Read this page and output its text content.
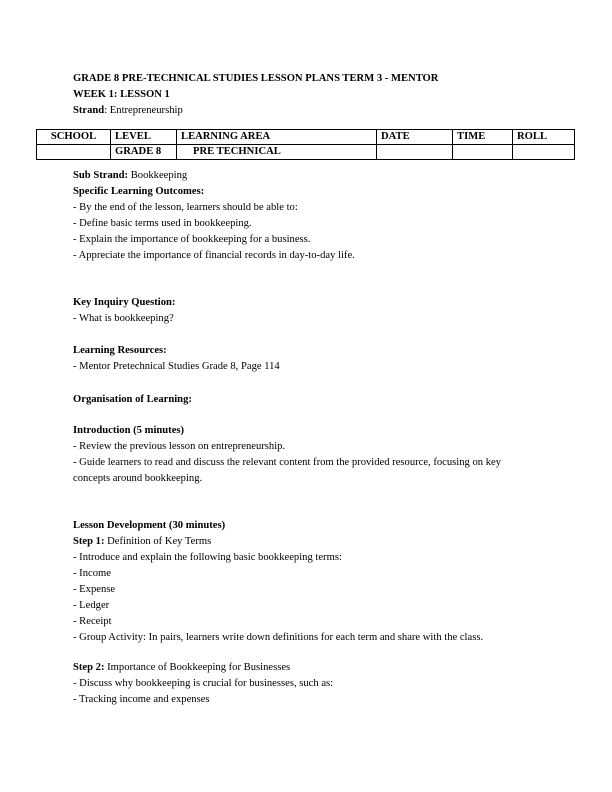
GRADE 8 PRE-TECHNICAL STUDIES LESSON PLANS TERM 3 - MENTOR
WEEK 1: LESSON 1
Strand: Entrepreneurship
SCHOOL	LEVEL	LEARNING AREA	DATE	TIME	ROLL
	GRADE 8	PRE TECHNICAL			
Sub Strand: Bookkeeping
Specific Learning Outcomes:
- By the end of the lesson, learners should be able to:
- Define basic terms used in bookkeeping.
- Explain the importance of bookkeeping for a business.
- Appreciate the importance of financial records in day-to-day life.
Key Inquiry Question:
- What is bookkeeping?
Learning Resources:
- Mentor Pretechnical Studies Grade 8, Page 114
Organisation of Learning:
Introduction (5 minutes)
- Review the previous lesson on entrepreneurship.
- Guide learners to read and discuss the relevant content from the provided resource, focusing on key concepts around bookkeeping.
Lesson Development (30 minutes)
Step 1: Definition of Key Terms
- Introduce and explain the following basic bookkeeping terms:
- Income
- Expense
- Ledger
- Receipt
- Group Activity: In pairs, learners write down definitions for each term and share with the class.
Step 2: Importance of Bookkeeping for Businesses
- Discuss why bookkeeping is crucial for businesses, such as:
- Tracking income and expenses
